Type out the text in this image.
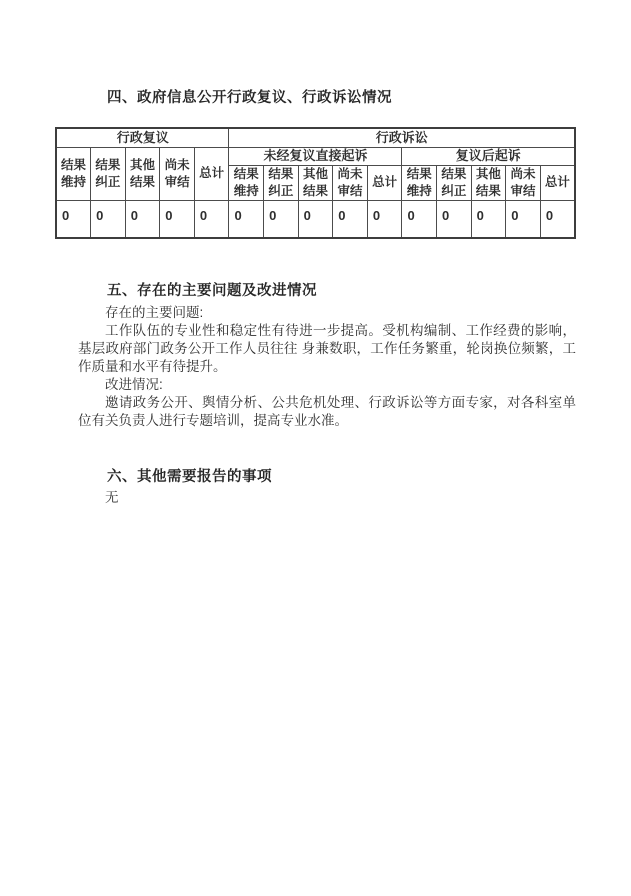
四、政府信息公开行政复议、行政诉讼情况
行政复议					行政诉讼									
结果维持	结果纠正	其他结果	尚未审结	总计	未经复议直接起诉					复议后起诉				
					结果维持	结果纠正	其他结果	尚未审结	总计	结果维持	结果纠正	其他结果	尚未审结	总计
0	0	0	0	0	0	0	0	0	0	0	0	0	0	0
五、存在的主要问题及改进情况

存在的主要问题:

工作队伍的专业性和稳定性有待进一步提高。受机构编制、工作经费的影响，基层政府部门政务公开工作人员往往 身兼数职，工作任务繁重，轮岗换位频繁，工作质量和水平有待提升。

改进情况:

邀请政务公开、舆情分析、公共危机处理、行政诉讼等方面专家，对各科室单位有关负责人进行专题培训，提高专业水准。

六、其他需要报告的事项
无
